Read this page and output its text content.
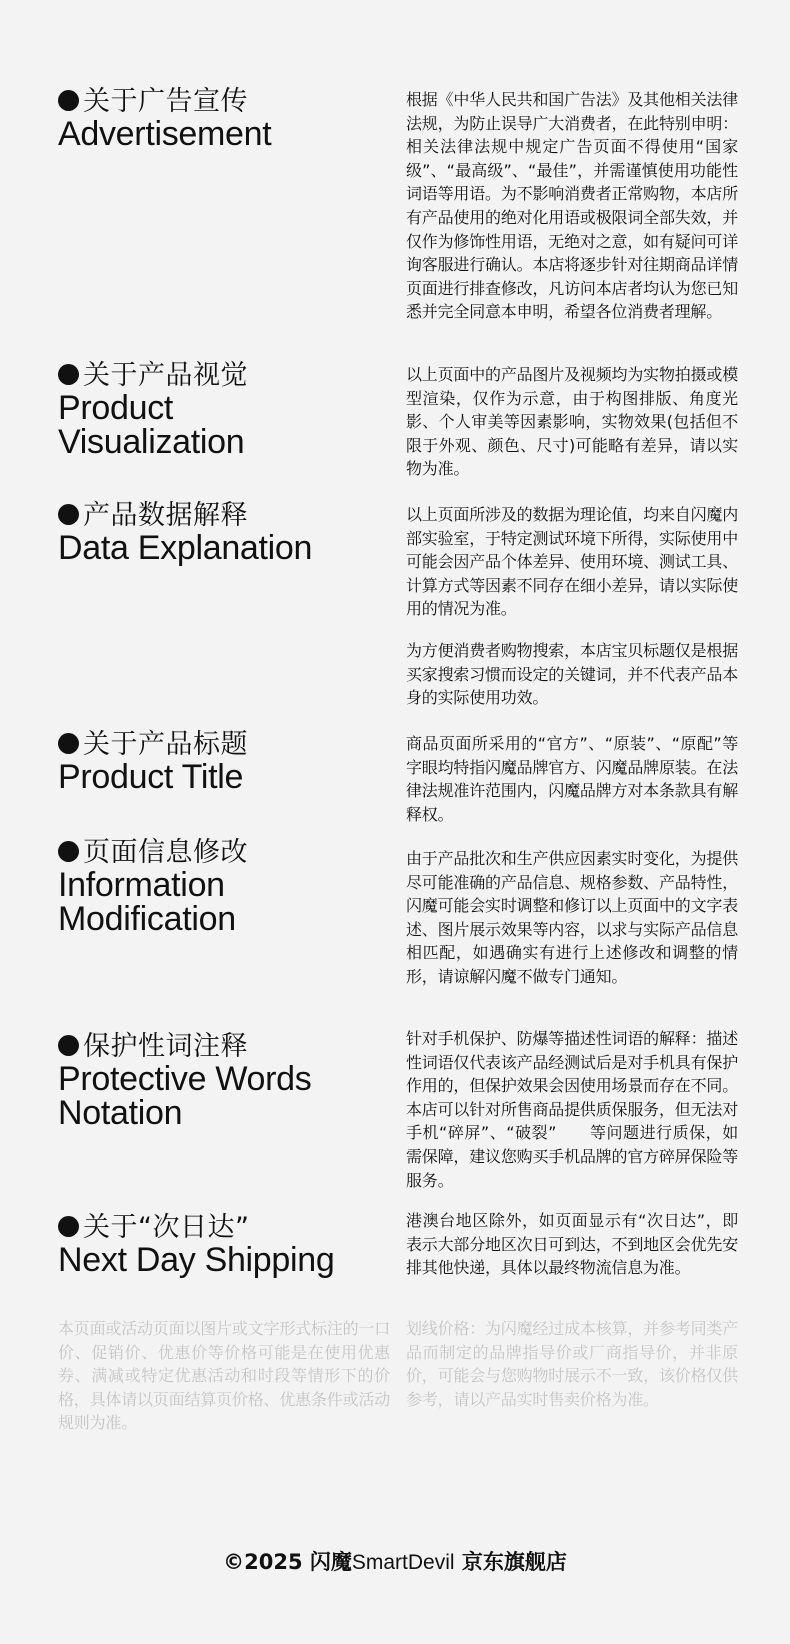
关于广告宣传
Advertisement
根据《中华人民共和国广告法》及其他相关法律法规，为防止误导广大消费者，在此特别申明：相关法律法规中规定广告页面不得使用“国家级”、“最高级”、“最佳”，并需谨慎使用功能性词语等用语。为不影响消费者正常购物，本店所有产品使用的绝对化用语或极限词全部失效，并仅作为修饰性用语，无绝对之意，如有疑问可详询客服进行确认。本店将逐步针对往期商品详情页面进行排查修改，凡访问本店者均认为您已知悉并完全同意本申明，希望各位消费者理解。
关于产品视觉
Product
Visualization
以上页面中的产品图片及视频均为实物拍摄或模型渲染，仅作为示意，由于构图排版、角度光影、个人审美等因素影响，实物效果(包括但不限于外观、颜色、尺寸)可能略有差异，请以实物为准。
产品数据解释
Data Explanation
以上页面所涉及的数据为理论值，均来自闪魔内部实验室，于特定测试环境下所得，实际使用中可能会因产品个体差异、使用环境、测试工具、计算方式等因素不同存在细小差异，请以实际使用的情况为准。
为方便消费者购物搜索，本店宝贝标题仅是根据买家搜索习惯而设定的关键词，并不代表产品本身的实际使用功效。
关于产品标题
Product Title
商品页面所采用的“官方”、“原装”、“原配”等字眼均特指闪魔品牌官方、闪魔品牌原装。在法律法规准许范围内，闪魔品牌方对本条款具有解释权。
页面信息修改
Information
Modification
由于产品批次和生产供应因素实时变化，为提供尽可能准确的产品信息、规格参数、产品特性，闪魔可能会实时调整和修订以上页面中的文字表述、图片展示效果等内容，以求与实际产品信息相匹配，如遇确实有进行上述修改和调整的情形，请谅解闪魔不做专门通知。
保护性词注释
Protective Words
Notation
针对手机保护、防爆等描述性词语的解释：描述性词语仅代表该产品经测试后是对手机具有保护作用的，但保护效果会因使用场景而存在不同。本店可以针对所售商品提供质保服务，但无法对手机“碎屏”、“破裂”　　等问题进行质保，如需保障，建议您购买手机品牌的官方碎屏保险等服务。
关于“次日达”
Next Day Shipping
港澳台地区除外，如页面显示有“次日达”，即表示大部分地区次日可到达，不到地区会优先安排其他快递，具体以最终物流信息为准。
本页面或活动页面以图片或文字形式标注的一口价、促销价、优惠价等价格可能是在使用优惠券、满减或特定优惠活动和时段等情形下的价格，具体请以页面结算页价格、优惠条件或活动规则为准。
划线价格：为闪魔经过成本核算，并参考同类产品而制定的品牌指导价或厂商指导价，并非原价，可能会与您购物时展示不一致，该价格仅供参考，请以产品实时售卖价格为准。
©2025 闪魔SmartDevil 京东旗舰店
